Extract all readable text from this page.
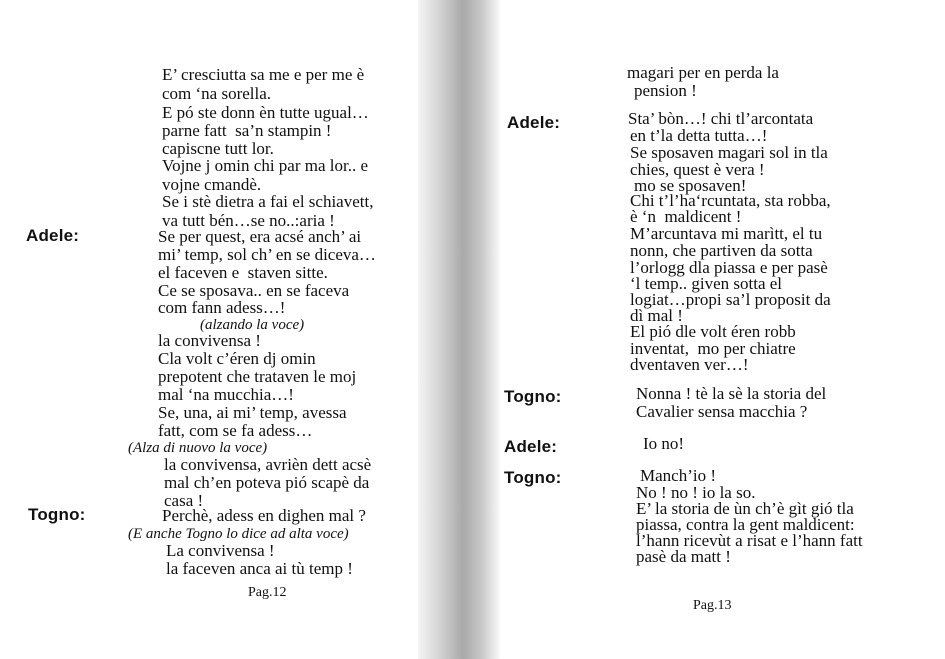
E’ cresciutta sa me e per me è
com ‘na sorella.
E pó ste donn èn tutte ugual…
parne fatt  sa’n stampin !
capiscne tutt lor.
Vojne j omin chi par ma lor.. e
vojne cmandè.
Se i stè dietra a fai el schiavett,
va tutt bén…se no..:aria !
Adele:	Se per quest, era acsé anch’ ai
mi’ temp, sol ch’ en se diceva…
el faceven e  staven sitte.
Ce se sposava.. en se faceva
com fann adess…!
(alzando la voce)
la convivensa !
Cla volt c’éren dj omin
prepotent che trataven le moj
mal ‘na mucchia…!
Se, una, ai mi’ temp, avessa
fatt, com se fa adess…
(Alza di nuovo la voce)
la convivensa, avrièn dett acsè
mal ch’en poteva pió scapè da
casa !
Togno:	Perchè, adess en dighen mal ?
(E anche Togno lo dice ad alta voce)
La convivensa !
la faceven anca ai tù temp !
Pag.12
magari per en perda la
pension !
Adele:	Sta’ bòn…! chi tl’arcontata
en t’la detta tutta…!
Se sposaven magari sol in tla
chies, quest è vera !
mo se sposaven!
Chi t’l’ha‘rcuntata, sta robba,
è ‘n  maldicent !
M’arcuntava mi marìtt, el tu
nonn, che partiven da sotta
l’orlogg dla piassa e per pasè
‘l temp.. given sotta el
logiat…propi sa’l proposit da
dì mal !
El pió dle volt éren robb
inventat,  mo per chiatre
dventaven ver…!
Togno:	Nonna ! tè la sè la storia del
Cavalier sensa macchia ?
Adele:	Io no!
Togno:	Manch’io !
No ! no ! io la so.
E’ la storia de ùn ch’è gìt gió tla
piassa, contra la gent maldicent:
l’hann ricevùt a risat e l’hann fatt
pasè da matt !
Pag.13
